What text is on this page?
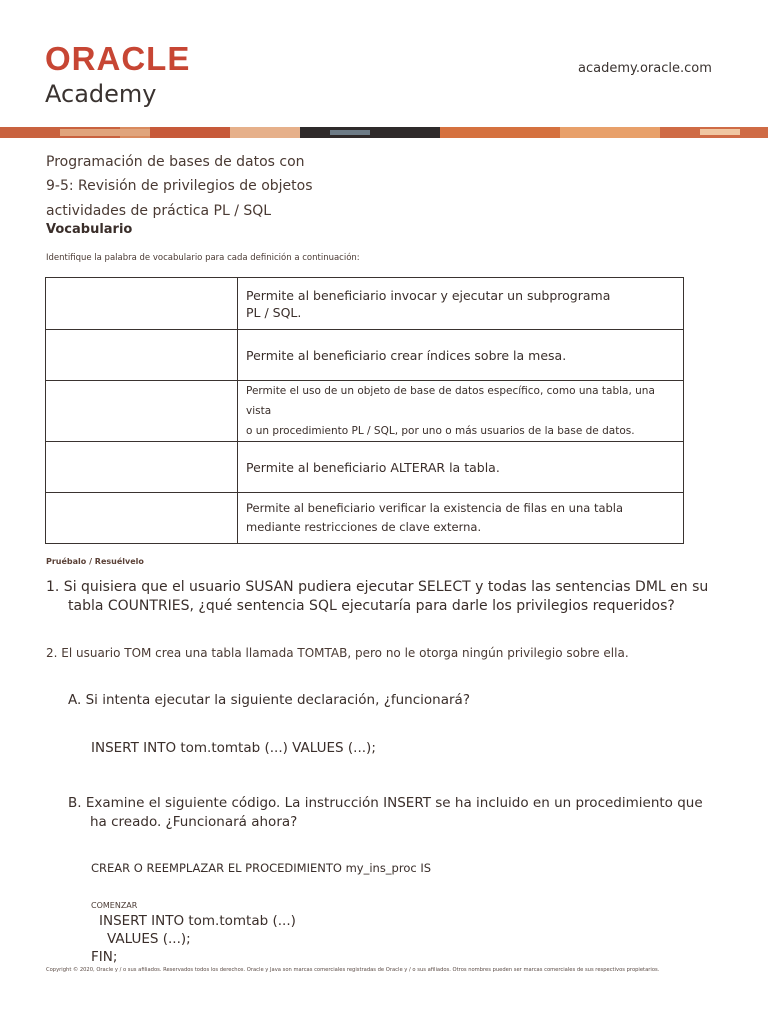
ORACLE
Academy
academy.oracle.com
Programación de bases de datos con
9-5: Revisión de privilegios de objetos
actividades de práctica PL / SQL
Vocabulario
Identifique la palabra de vocabulario para cada definición a continuación:

	Permite al beneficiario invocar y ejecutar un subprograma
PL / SQL.

	Permite al beneficiario crear índices sobre la mesa.

	Permite el uso de un objeto de base de datos específico, como una tabla, una vista
o un procedimiento PL / SQL, por uno o más usuarios de la base de datos.

	Permite al beneficiario ALTERAR la tabla.

	Permite al beneficiario verificar la existencia de filas en una tabla
mediante restricciones de clave externa.
Pruébalo / Resuélvelo
1. Si quisiera que el usuario SUSAN pudiera ejecutar SELECT y todas las sentencias DML en su
tabla COUNTRIES, ¿qué sentencia SQL ejecutaría para darle los privilegios requeridos?
2. El usuario TOM crea una tabla llamada TOMTAB, pero no le otorga ningún privilegio sobre ella.
A. Si intenta ejecutar la siguiente declaración, ¿funcionará?
INSERT INTO tom.tomtab (...) VALUES (...);
B. Examine el siguiente código. La instrucción INSERT se ha incluido en un procedimiento que
ha creado. ¿Funcionará ahora?
CREAR O REEMPLAZAR EL PROCEDIMIENTO my_ins_proc IS
COMENZAR
INSERT INTO tom.tomtab (...)
VALUES (...);
FIN;
Copyright © 2020, Oracle y / o sus afiliados. Reservados todos los derechos. Oracle y Java son marcas comerciales registradas de Oracle y / o sus afiliados. Otros nombres pueden ser marcas comerciales de sus respectivos propietarios.
